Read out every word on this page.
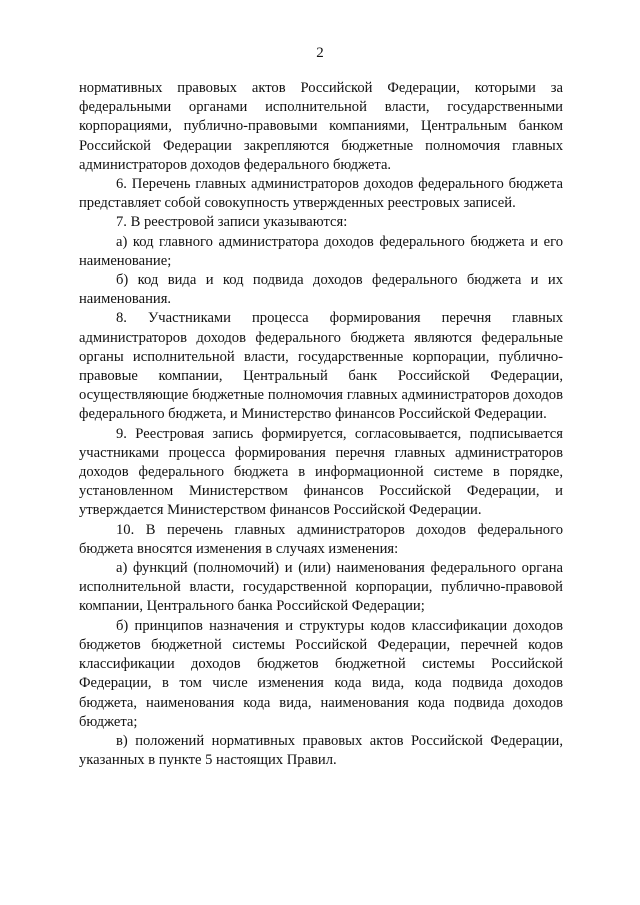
2

нормативных правовых актов Российской Федерации, которыми за федеральными органами исполнительной власти, государственными корпорациями, публично-правовыми компаниями, Центральным банком Российской Федерации закрепляются бюджетные полномочия главных администраторов доходов федерального бюджета.

6. Перечень главных администраторов доходов федерального бюджета представляет собой совокупность утвержденных реестровых записей.

7. В реестровой записи указываются:

а) код главного администратора доходов федерального бюджета и его наименование;

б) код вида и код подвида доходов федерального бюджета и их наименования.

8. Участниками процесса формирования перечня главных администраторов доходов федерального бюджета являются федеральные органы исполнительной власти, государственные корпорации, публично-правовые компании, Центральный банк Российской Федерации, осуществляющие бюджетные полномочия главных администраторов доходов федерального бюджета, и Министерство финансов Российской Федерации.

9. Реестровая запись формируется, согласовывается, подписывается участниками процесса формирования перечня главных администраторов доходов федерального бюджета в информационной системе в порядке, установленном Министерством финансов Российской Федерации, и утверждается Министерством финансов Российской Федерации.

10. В перечень главных администраторов доходов федерального бюджета вносятся изменения в случаях изменения:

а) функций (полномочий) и (или) наименования федерального органа исполнительной власти, государственной корпорации, публично-правовой компании, Центрального банка Российской Федерации;

б) принципов назначения и структуры кодов классификации доходов бюджетов бюджетной системы Российской Федерации, перечней кодов классификации доходов бюджетов бюджетной системы Российской Федерации, в том числе изменения кода вида, кода подвида доходов бюджета, наименования кода вида, наименования кода подвида доходов бюджета;

в) положений нормативных правовых актов Российской Федерации, указанных в пункте 5 настоящих Правил.
